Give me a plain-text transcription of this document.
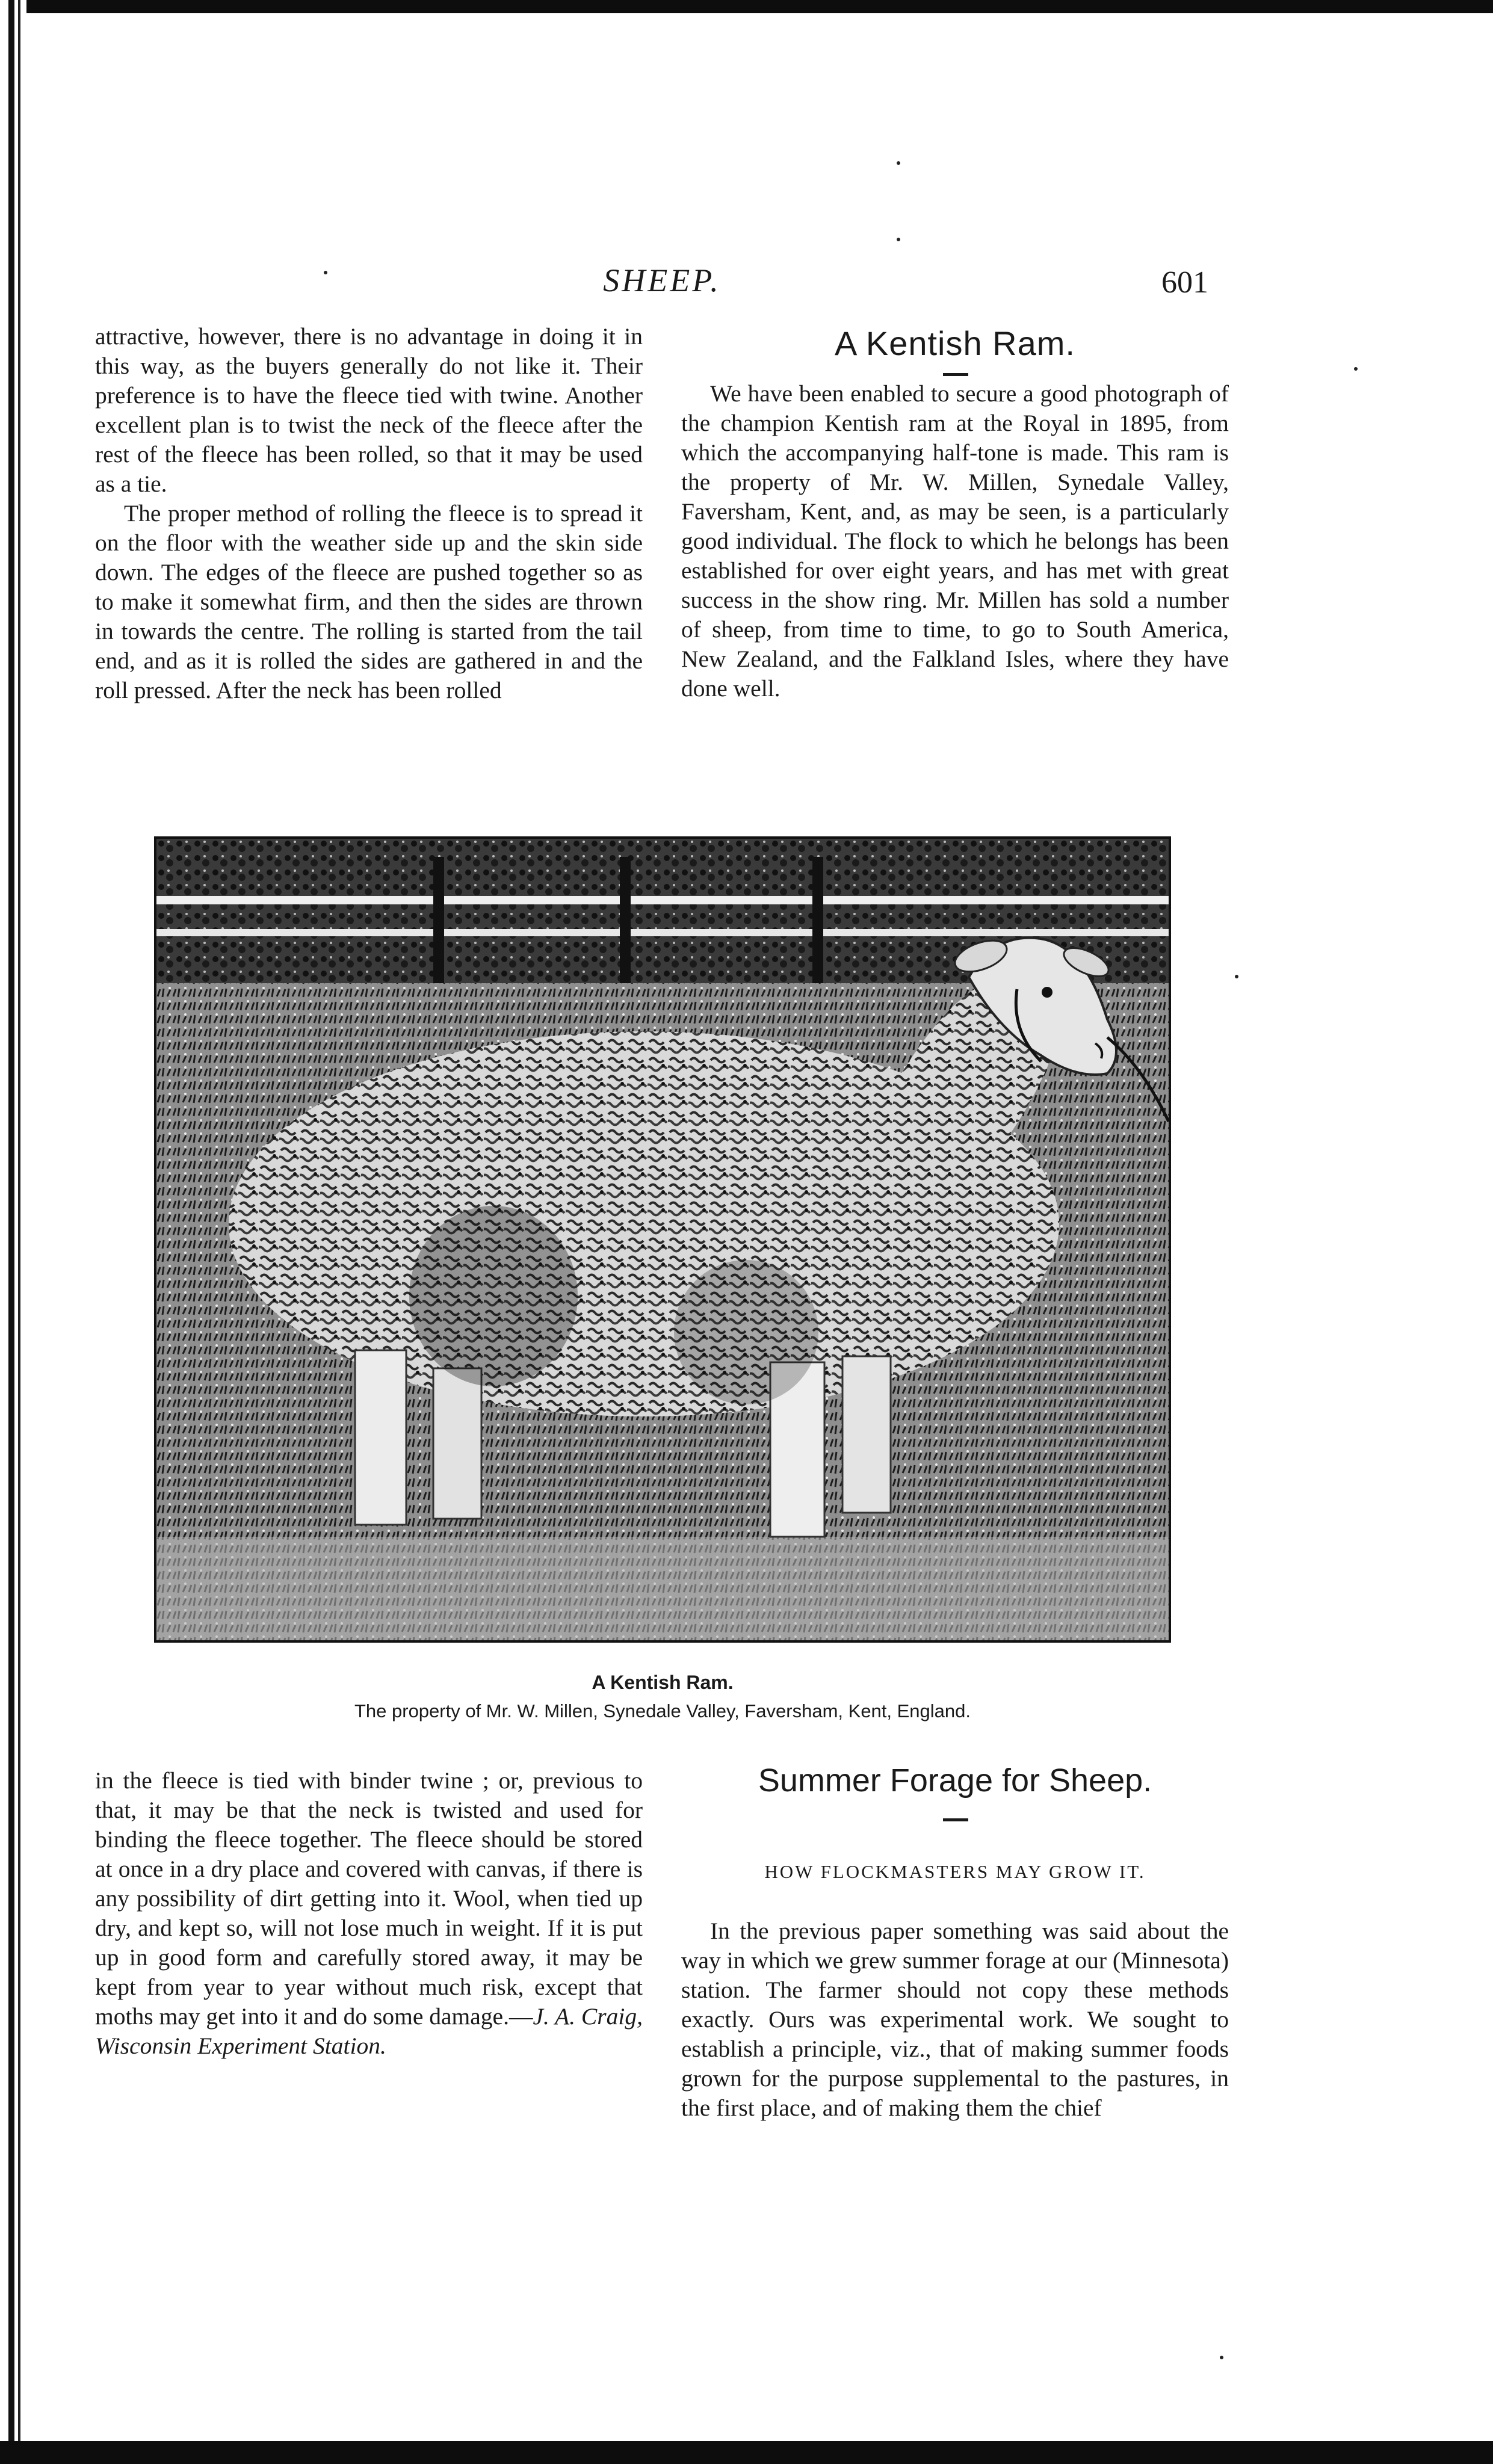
SHEEP.	601

attractive, however, there is no advantage in doing it in this way, as the buyers generally do not like it. Their preference is to have the fleece tied with twine. Another excellent plan is to twist the neck of the fleece after the rest of the fleece has been rolled, so that it may be used as a tie.

The proper method of rolling the fleece is to spread it on the floor with the weather side up and the skin side down. The edges of the fleece are pushed together so as to make it somewhat firm, and then the sides are thrown in towards the centre. The rolling is started from the tail end, and as it is rolled the sides are gathered in and the roll pressed. After the neck has been rolled

A Kentish Ram.

We have been enabled to secure a good photograph of the champion Kentish ram at the Royal in 1895, from which the accompanying half-tone is made. This ram is the property of Mr. W. Millen, Synedale Valley, Faversham, Kent, and, as may be seen, is a particularly good individual. The flock to which he belongs has been established for over eight years, and has met with great success in the show ring. Mr. Millen has sold a number of sheep, from time to time, to go to South America, New Zealand, and the Falkland Isles, where they have done well.

A Kentish Ram.
The property of Mr. W. Millen, Synedale Valley, Faversham, Kent, England.

in the fleece is tied with binder twine ; or, previous to that, it may be that the neck is twisted and used for binding the fleece together. The fleece should be stored at once in a dry place and covered with canvas, if there is any possibility of dirt getting into it. Wool, when tied up dry, and kept so, will not lose much in weight. If it is put up in good form and carefully stored away, it may be kept from year to year without much risk, except that moths may get into it and do some damage.—J. A. Craig, Wisconsin Experiment Station.

Summer Forage for Sheep.
HOW FLOCKMASTERS MAY GROW IT.

In the previous paper something was said about the way in which we grew summer forage at our (Minnesota) station. The farmer should not copy these methods exactly. Ours was experimental work. We sought to establish a principle, viz., that of making summer foods grown for the purpose supplemental to the pastures, in the first place, and of making them the chief
